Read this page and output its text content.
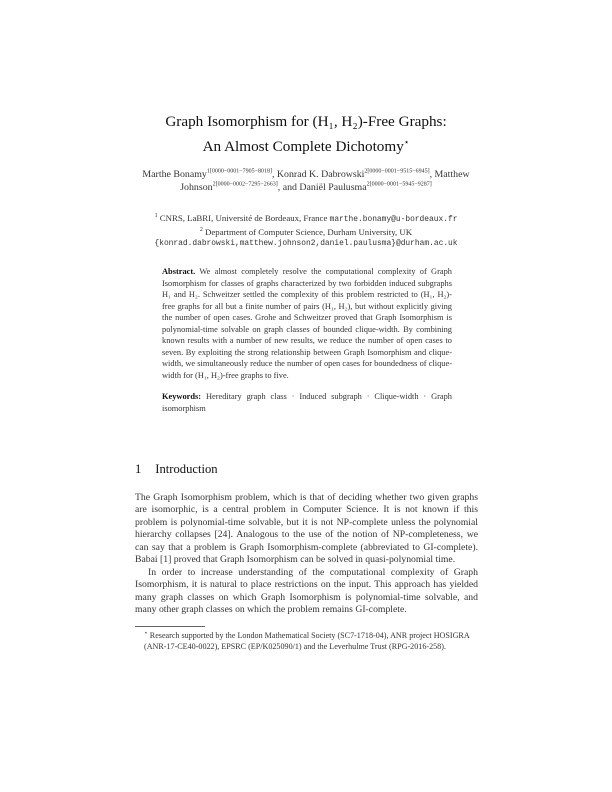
Graph Isomorphism for (H₁, H₂)-Free Graphs:
An Almost Complete Dichotomy⋆
Marthe Bonamy$^{1[0000-0001-7905-8018]}$, Konrad K. Dabrowski$^{2[0000-0001-9515-6945]}$, Matthew Johnson$^{2[0000-0002-7295-2663]}$, and Daniël Paulusma$^{2[0000-0001-5945-9287]}$
$^1$ CNRS, LaBRI, Université de Bordeaux, France marthe.bonamy@u-bordeaux.fr
$^2$ Department of Computer Science, Durham University, UK
{konrad.dabrowski,matthew.johnson2,daniel.paulusma}@durham.ac.uk

Abstract. We almost completely resolve the computational complexity of Graph Isomorphism for classes of graphs characterized by two forbidden induced subgraphs H₁ and H₂. Schweitzer settled the complexity of this problem restricted to (H₁, H₂)-free graphs for all but a finite number of pairs (H₁, H₂), but without explicitly giving the number of open cases. Grohe and Schweitzer proved that Graph Isomorphism is polynomial-time solvable on graph classes of bounded clique-width. By combining known results with a number of new results, we reduce the number of open cases to seven. By exploiting the strong relationship between Graph Isomorphism and clique-width, we simultaneously reduce the number of open cases for boundedness of clique-width for (H₁, H₂)-free graphs to five.

Keywords: Hereditary graph class · Induced subgraph · Clique-width · Graph isomorphism

1 Introduction

The Graph Isomorphism problem, which is that of deciding whether two given graphs are isomorphic, is a central problem in Computer Science. It is not known if this problem is polynomial-time solvable, but it is not NP-complete unless the polynomial hierarchy collapses [24]. Analogous to the use of the notion of NP-completeness, we can say that a problem is Graph Isomorphism-complete (abbreviated to GI-complete). Babai [1] proved that Graph Isomorphism can be solved in quasi-polynomial time.

In order to increase understanding of the computational complexity of Graph Isomorphism, it is natural to place restrictions on the input. This approach has yielded many graph classes on which Graph Isomorphism is polynomial-time solvable, and many other graph classes on which the problem remains GI-complete.

⋆ Research supported by the London Mathematical Society (SC7-1718-04), ANR project HOSIGRA (ANR-17-CE40-0022), EPSRC (EP/K025090/1) and the Leverhulme Trust (RPG-2016-258).
